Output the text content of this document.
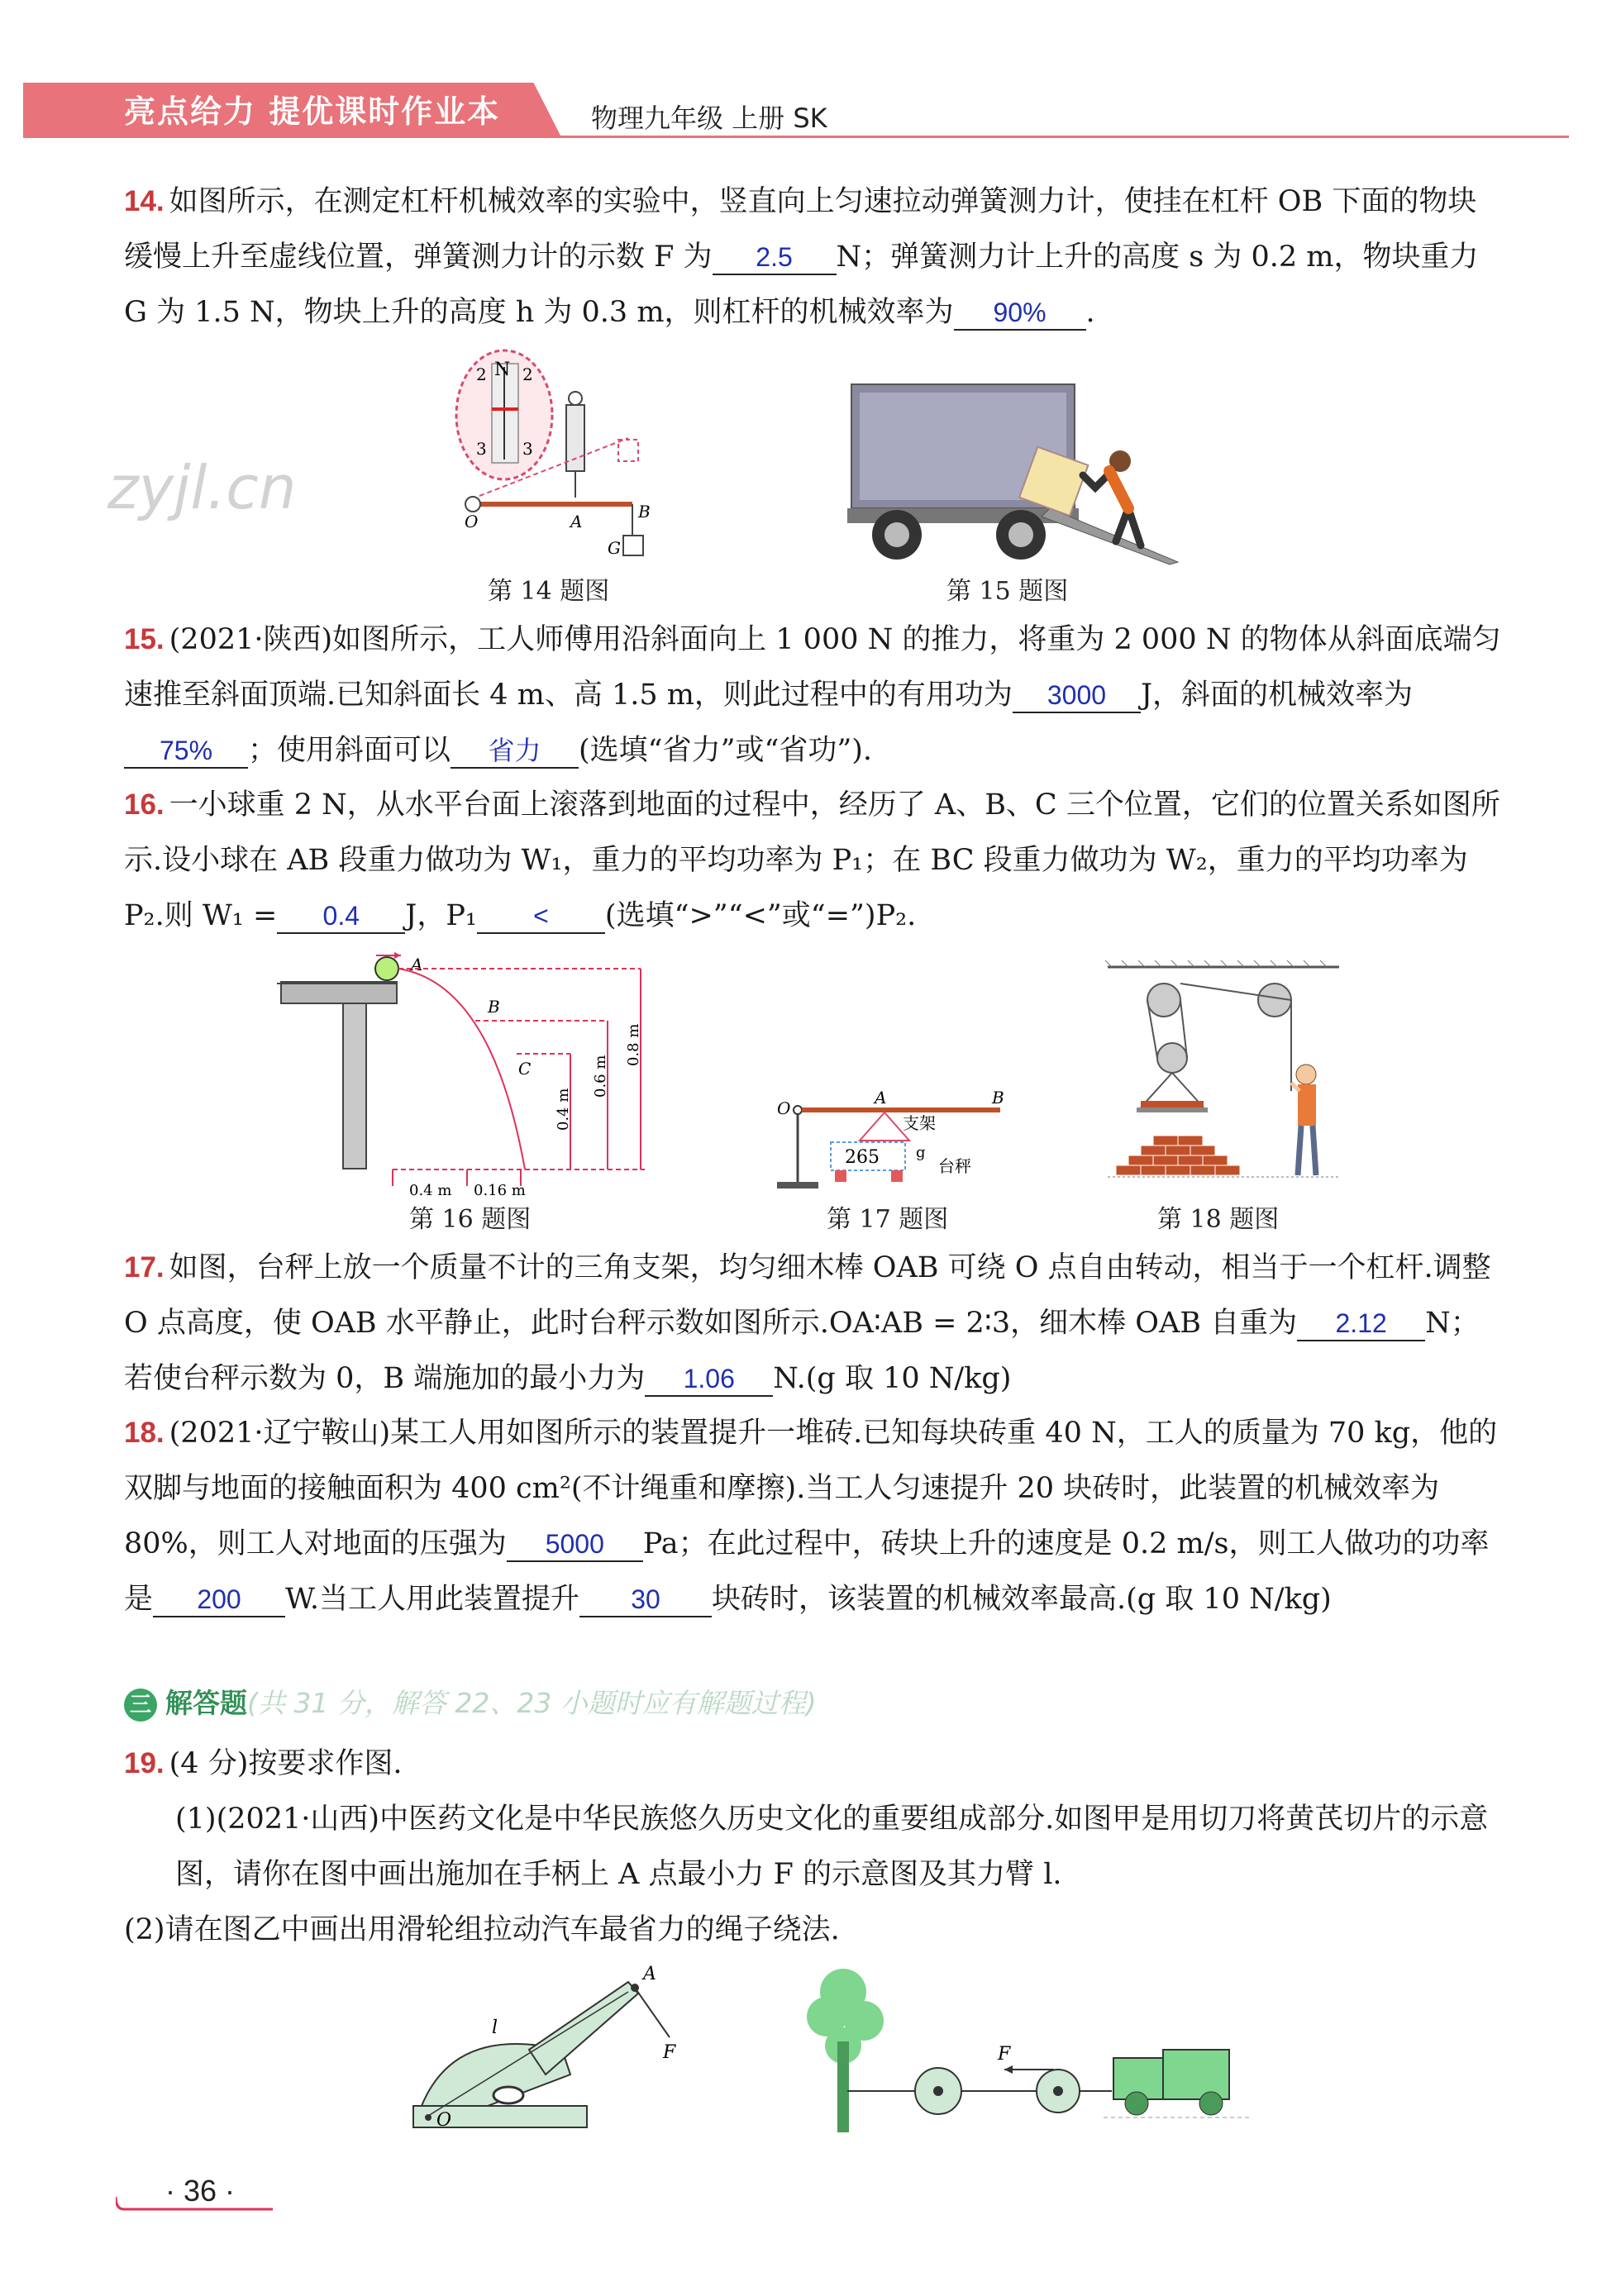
亮点给力 提优课时作业本	物理九年级 上册 SK
14. 如图所示，在测定杠杆机械效率的实验中，竖直向上匀速拉动弹簧测力计，使挂在杠杆 OB 下面的物块缓慢上升至虚线位置，弹簧测力计的示数 F 为 2.5 N；弹簧测力计上升的高度 s 为 0.2 m，物块重力 G 为 1.5 N，物块上升的高度 h 为 0.3 m，则杠杆的机械效率为 90% .
zyjl.cn
N
2 2
3 3
O	A	B
G
第 14 题图	第 15 题图
15. (2021·陕西)如图所示，工人师傅用沿斜面向上 1 000 N 的推力，将重为 2 000 N 的物体从斜面底端匀速推至斜面顶端.已知斜面长 4 m、高 1.5 m，则此过程中的有用功为 3000 J，斜面的机械效率为75% ；使用斜面可以 省力 (选填“省力”或“省功”).
16. 一小球重 2 N，从水平台面上滚落到地面的过程中，经历了 A、B、C 三个位置，它们的位置关系如图所示.设小球在 AB 段重力做功为 W₁，重力的平均功率为 P₁；在 BC 段重力做功为 W₂，重力的平均功率为 P₂.则 W₁ = 0.4 J，P₁ < (选填“>”“<”或“=”)P₂.
A
B
C
0.4 m
0.6 m
0.8 m
0.4 m 0.16 m
第 16 题图
O
A	B
支架
265 g
台秤
第 17 题图	第 18 题图
17. 如图，台秤上放一个质量不计的三角支架，均匀细木棒 OAB 可绕 O 点自由转动，相当于一个杠杆.调整 O 点高度，使 OAB 水平静止，此时台秤示数如图所示.OA∶AB = 2∶3，细木棒 OAB 自重为 2.12 N；若使台秤示数为 0，B 端施加的最小力为 1.06 N.(g 取 10 N/kg)
18. (2021·辽宁鞍山)某工人用如图所示的装置提升一堆砖.已知每块砖重 40 N，工人的质量为 70 kg，他的双脚与地面的接触面积为 400 cm²(不计绳重和摩擦).当工人匀速提升 20 块砖时，此装置的机械效率为 80%，则工人对地面的压强为 5000 Pa；在此过程中，砖块上升的速度是 0.2 m/s，则工人做功的功率是 200 W.当工人用此装置提升 30 块砖时，该装置的机械效率最高.(g 取 10 N/kg)
三 解答题(共 31 分，解答 22、23 小题时应有解题过程)
19. (4 分)按要求作图.
(1)(2021·山西)中医药文化是中华民族悠久历史文化的重要组成部分.如图甲是用切刀将黄芪切片的示意图，请你在图中画出施加在手柄上 A 点最小力 F 的示意图及其力臂 l.
(2)请在图乙中画出用滑轮组拉动汽车最省力的绳子绕法.
A
F
l
O
F
· 36 ·
